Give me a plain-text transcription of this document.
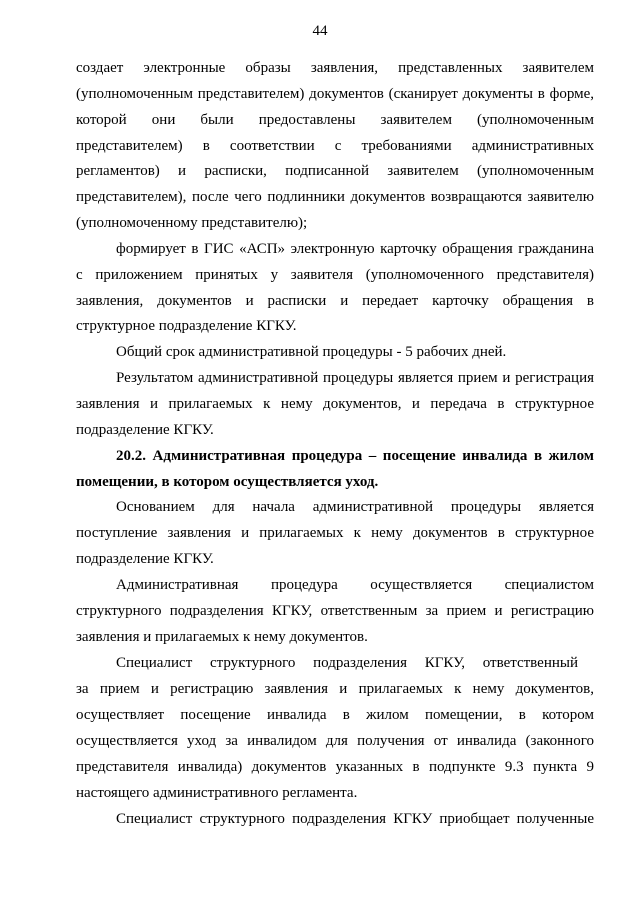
44
создает электронные образы заявления, представленных заявителем
(уполномоченным представителем) документов (сканирует документы в форме,
которой они были предоставлены заявителем (уполномоченным
представителем) в соответствии с требованиями административных
регламентов) и расписки, подписанной заявителем (уполномоченным
представителем), после чего подлинники документов возвращаются заявителю
(уполномоченному представителю);
формирует в ГИС «АСП» электронную карточку обращения гражданина
с приложением принятых у заявителя (уполномоченного представителя)
заявления, документов и расписки и передает карточку обращения в
структурное подразделение КГКУ.
Общий срок административной процедуры - 5 рабочих дней.
Результатом административной процедуры является прием и регистрация
заявления и прилагаемых к нему документов, и передача в структурное
подразделение КГКУ.
20.2. Административная процедура – посещение инвалида в жилом
помещении, в котором осуществляется уход.
Основанием для начала административной процедуры является
поступление заявления и прилагаемых к нему документов в структурное
подразделение КГКУ.
Административная процедура осуществляется специалистом
структурного подразделения КГКУ, ответственным за прием и регистрацию
заявления и прилагаемых к нему документов.
Специалист структурного подразделения КГКУ, ответственный
за прием и регистрацию заявления и прилагаемых к нему документов,
осуществляет посещение инвалида в жилом помещении, в котором
осуществляется уход за инвалидом для получения от инвалида (законного
представителя инвалида) документов указанных в подпункте 9.3 пункта 9
настоящего административного регламента.
Специалист структурного подразделения КГКУ приобщает полученные
